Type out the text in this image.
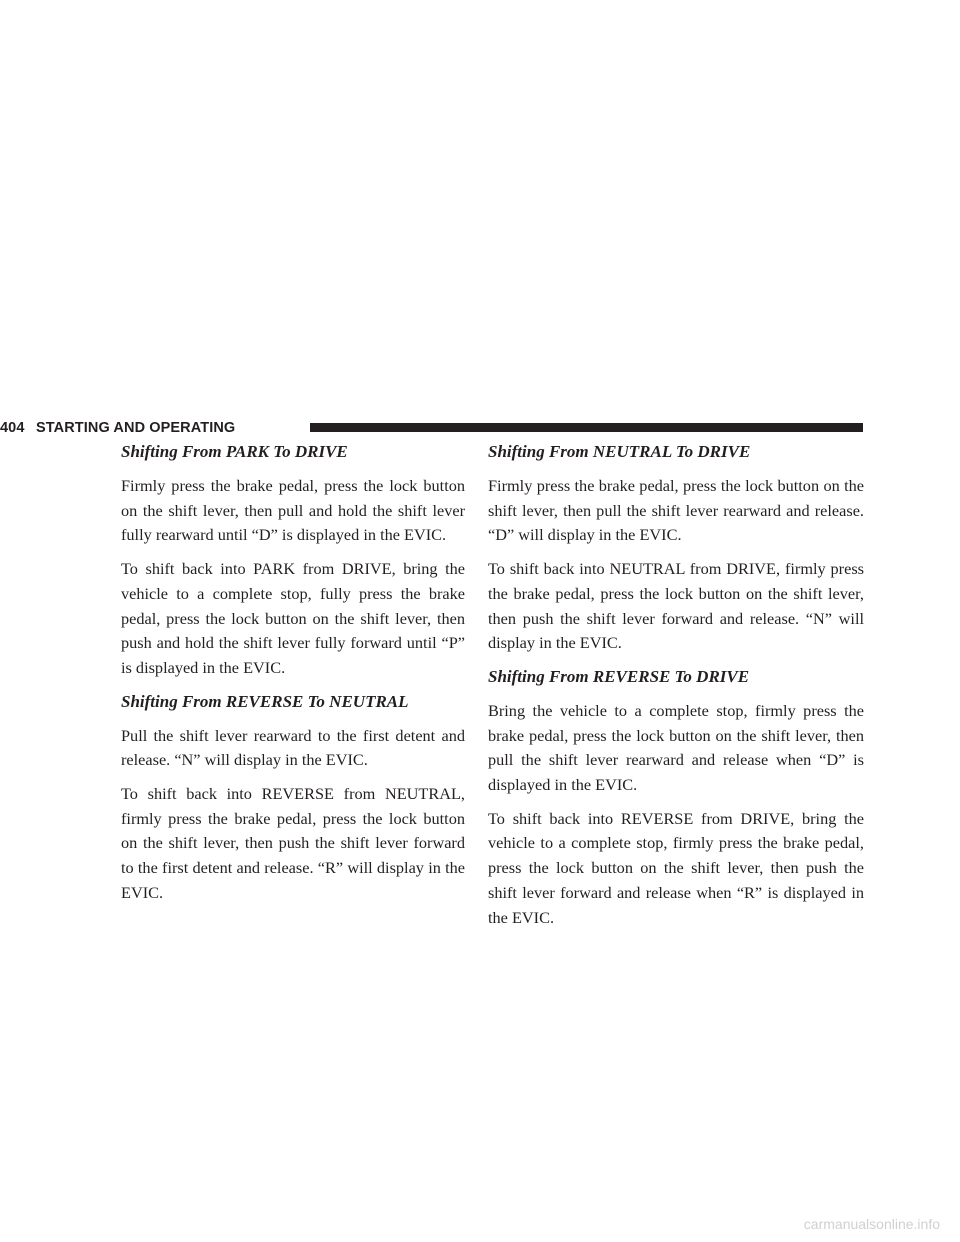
404 STARTING AND OPERATING
Shifting From PARK To DRIVE

Firmly press the brake pedal, press the lock button on the shift lever, then pull and hold the shift lever fully rearward until “D” is displayed in the EVIC.

To shift back into PARK from DRIVE, bring the vehicle to a complete stop, fully press the brake pedal, press the lock button on the shift lever, then push and hold the shift lever fully forward until “P” is displayed in the EVIC.

Shifting From REVERSE To NEUTRAL

Pull the shift lever rearward to the first detent and release. “N” will display in the EVIC.

To shift back into REVERSE from NEUTRAL, firmly press the brake pedal, press the lock button on the shift lever, then push the shift lever forward to the first detent and release. “R” will display in the EVIC.

Shifting From NEUTRAL To DRIVE

Firmly press the brake pedal, press the lock button on the shift lever, then pull the shift lever rearward and release. “D” will display in the EVIC.

To shift back into NEUTRAL from DRIVE, firmly press the brake pedal, press the lock button on the shift lever, then push the shift lever forward and release. “N” will display in the EVIC.

Shifting From REVERSE To DRIVE

Bring the vehicle to a complete stop, firmly press the brake pedal, press the lock button on the shift lever, then pull the shift lever rearward and release when “D” is displayed in the EVIC.

To shift back into REVERSE from DRIVE, bring the vehicle to a complete stop, firmly press the brake pedal, press the lock button on the shift lever, then push the shift lever forward and release when “R” is displayed in the EVIC.

carmanualsonline.info
